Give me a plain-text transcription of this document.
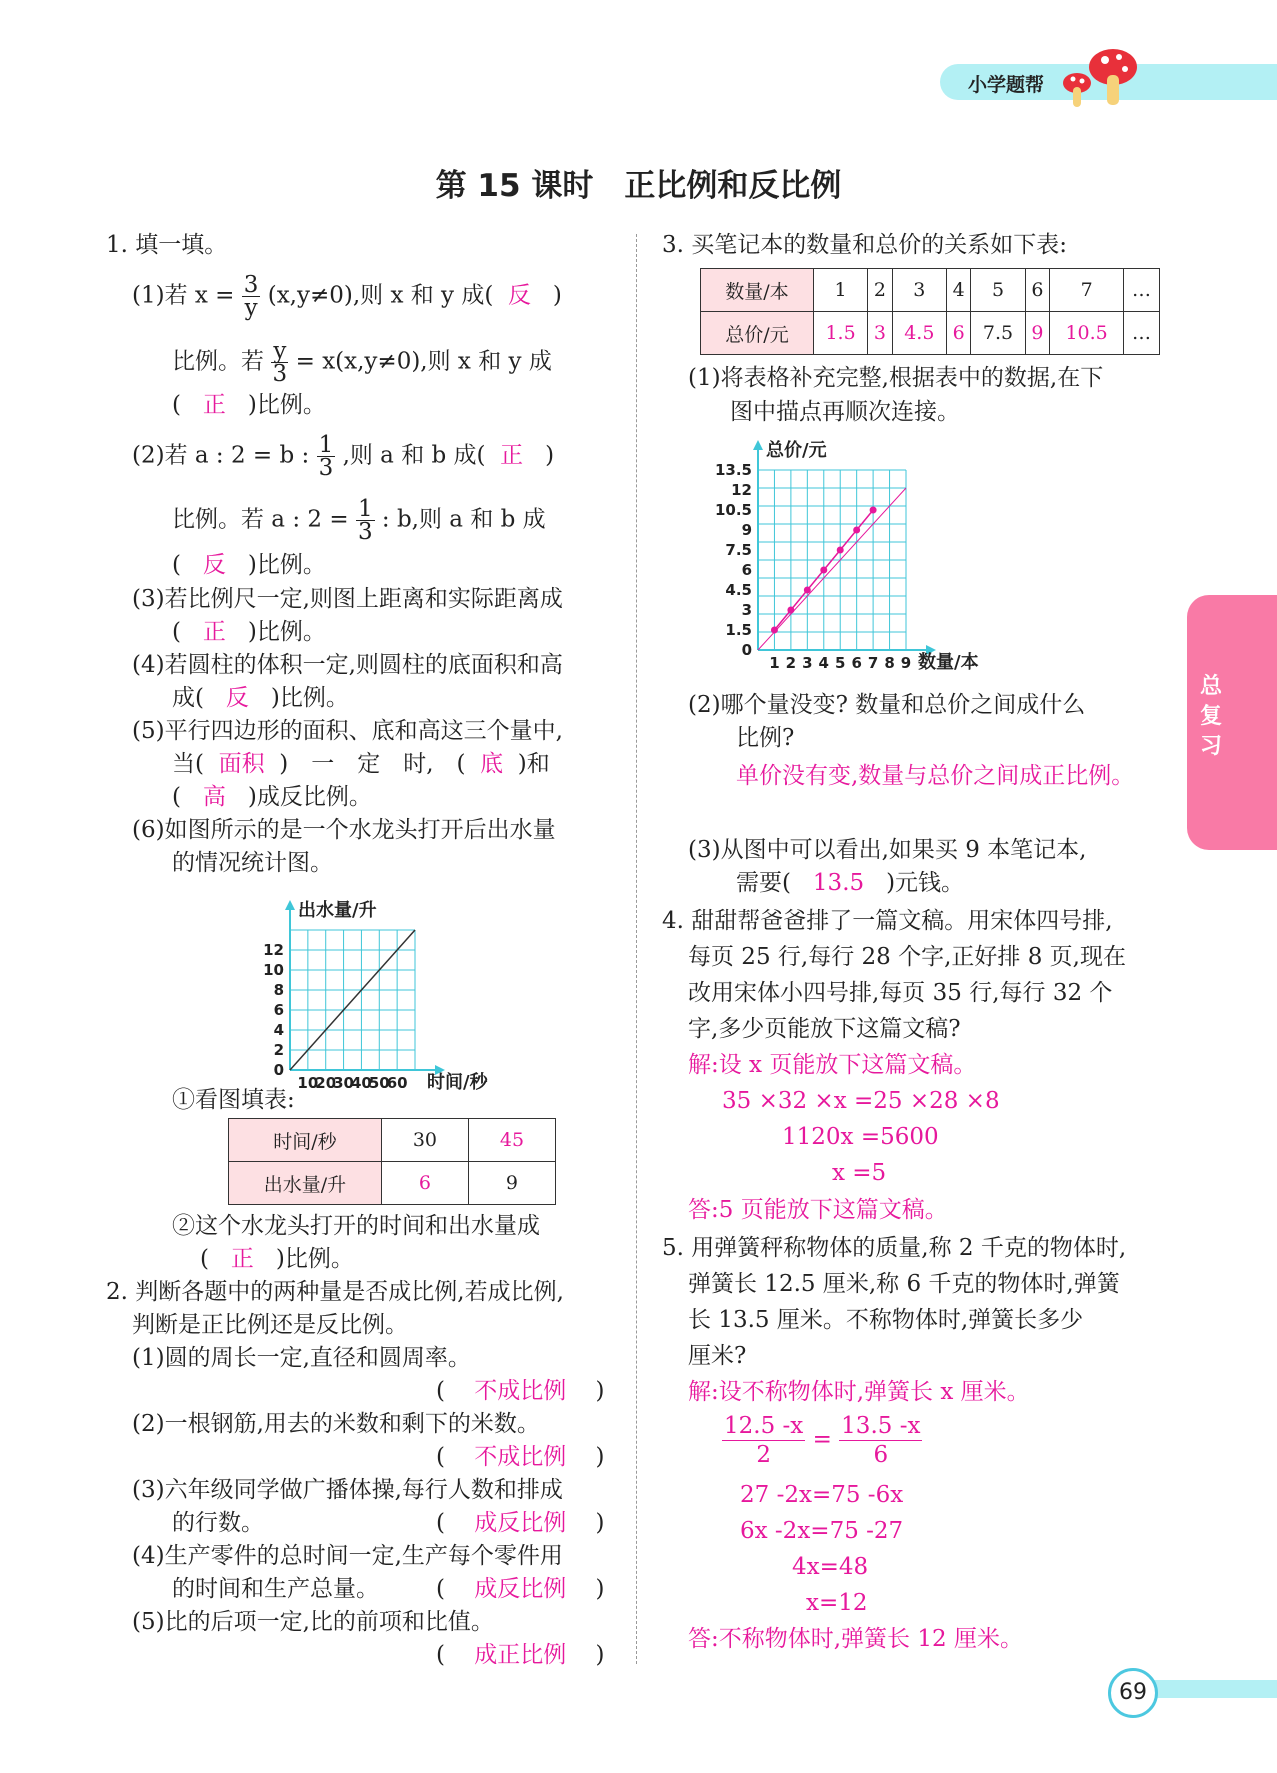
小学题帮
第 15 课时　正比例和反比例
总复习
1. 填一填。
(1)若 $x = \frac{3}{y} (x,y\ne 0)$,则 x 和 y 成( 反 )
比例。若 $\frac{y}{3} = x(x,y\ne 0)$,则 x 和 y 成
( 正 )比例。
(2)若 a : 2 = b : $\frac{1}{3}$ ,则 a 和 b 成( 正 )
比例。若 a : $2 = \frac{1}{3}$ : b,则 a 和 b 成
( 反 )比例。
(3)若比例尺一定,则图上距离和实际距离成
( 正 )比例。
(4)若圆柱的体积一定,则圆柱的底面积和高
成( 反 )比例。
(5)平行四边形的面积、底和高这三个量中,
当( 面积 )　一　定　时,　( 底 )和
( 高 )成反比例。
(6)如图所示的是一个水龙头打开后出水量
的情况统计图。
10
20
30
40
50
60
0
2
4
6
8
10
12
出水量/升
时间/秒
①看图填表:
时间/秒	30	45
出水量/升	6	9
②这个水龙头打开的时间和出水量成
( 正 )比例。
2. 判断各题中的两种量是否成比例,若成比例,
判断是正比例还是反比例。
(1)圆的周长一定,直径和圆周率。
( 不成比例 )
(2)一根钢筋,用去的米数和剩下的米数。
( 不成比例 )
(3)六年级同学做广播体操,每行人数和排成
的行数。	( 成反比例 )
(4)生产零件的总时间一定,生产每个零件用
的时间和生产总量。 ( 成反比例 )
(5)比的后项一定,比的前项和比值。
( 成正比例 )
3. 买笔记本的数量和总价的关系如下表:
数量/本	1	2	3	4	5	6	7	…
总价/元	1.5	3	4.5	6	7.5	9	10.5	…
(1)将表格补充完整,根据表中的数据,在下
图中描点再顺次连接。
1 2 3 4 5 6 7 8 9
0
1.5
3
4.5
6
7.5
9
10.5
12
13.5
总价/元
数量/本
(2)哪个量没变? 数量和总价之间成什么
比例?
单价没有变,数量与总价之间成正比例。
(3)从图中可以看出,如果买 9 本笔记本,
需要( 13.5 )元钱。
4. 甜甜帮爸爸排了一篇文稿。用宋体四号排,
每页 25 行,每行 28 个字,正好排 8 页,现在
改用宋体小四号排,每页 35 行,每行 32 个
字,多少页能放下这篇文稿?
解:设 x 页能放下这篇文稿。
35 ×32 ×x =25 ×28 ×8
1120x =5600
x =5
答:5 页能放下这篇文稿。
5. 用弹簧秤称物体的质量,称 2 千克的物体时,
弹簧长 12.5 厘米,称 6 千克的物体时,弹簧
长 13.5 厘米。不称物体时,弹簧长多少
厘米?
解:设不称物体时,弹簧长 x 厘米。
$\frac{12.5 -x}{2} = \frac{13.5 -x}{6}$
27 -2x=75 -6x
6x -2x=75 -27
4x=48
x=12
答:不称物体时,弹簧长 12 厘米。
69
